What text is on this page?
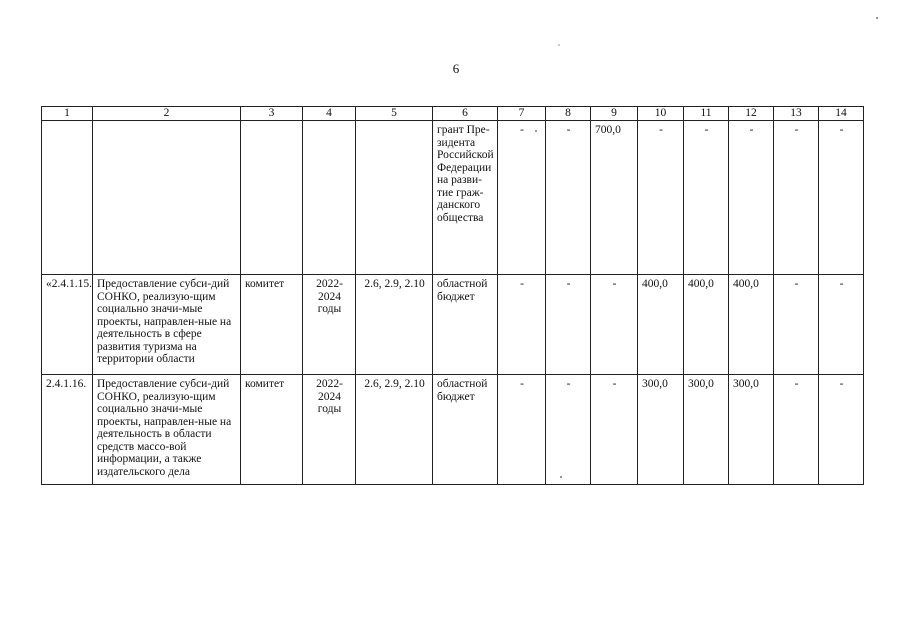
6
1	2	3	4	5	6	7	8	9	10	11	12	13	14
					грант Пре-зидента Российской Федерации на разви-тие граж-данского общества	-	-	700,0	-	-	-	-	-
«2.4.1.15.	Предоставление субси-дий СОНКО, реализую-щим социально значи-мые проекты, направлен-ные на деятельность в сфере развития туризма на территории области	комитет	2022-2024 годы	2.6, 2.9, 2.10	областной бюджет	-	-	-	400,0	400,0	400,0	-	-
2.4.1.16.	Предоставление субси-дий СОНКО, реализую-щим социально значи-мые проекты, направлен-ные на деятельность в области средств массо-вой информации, а также издательского дела	комитет	2022-2024 годы	2.6, 2.9, 2.10	областной бюджет	-	-	-	300,0	300,0	300,0	-	-
